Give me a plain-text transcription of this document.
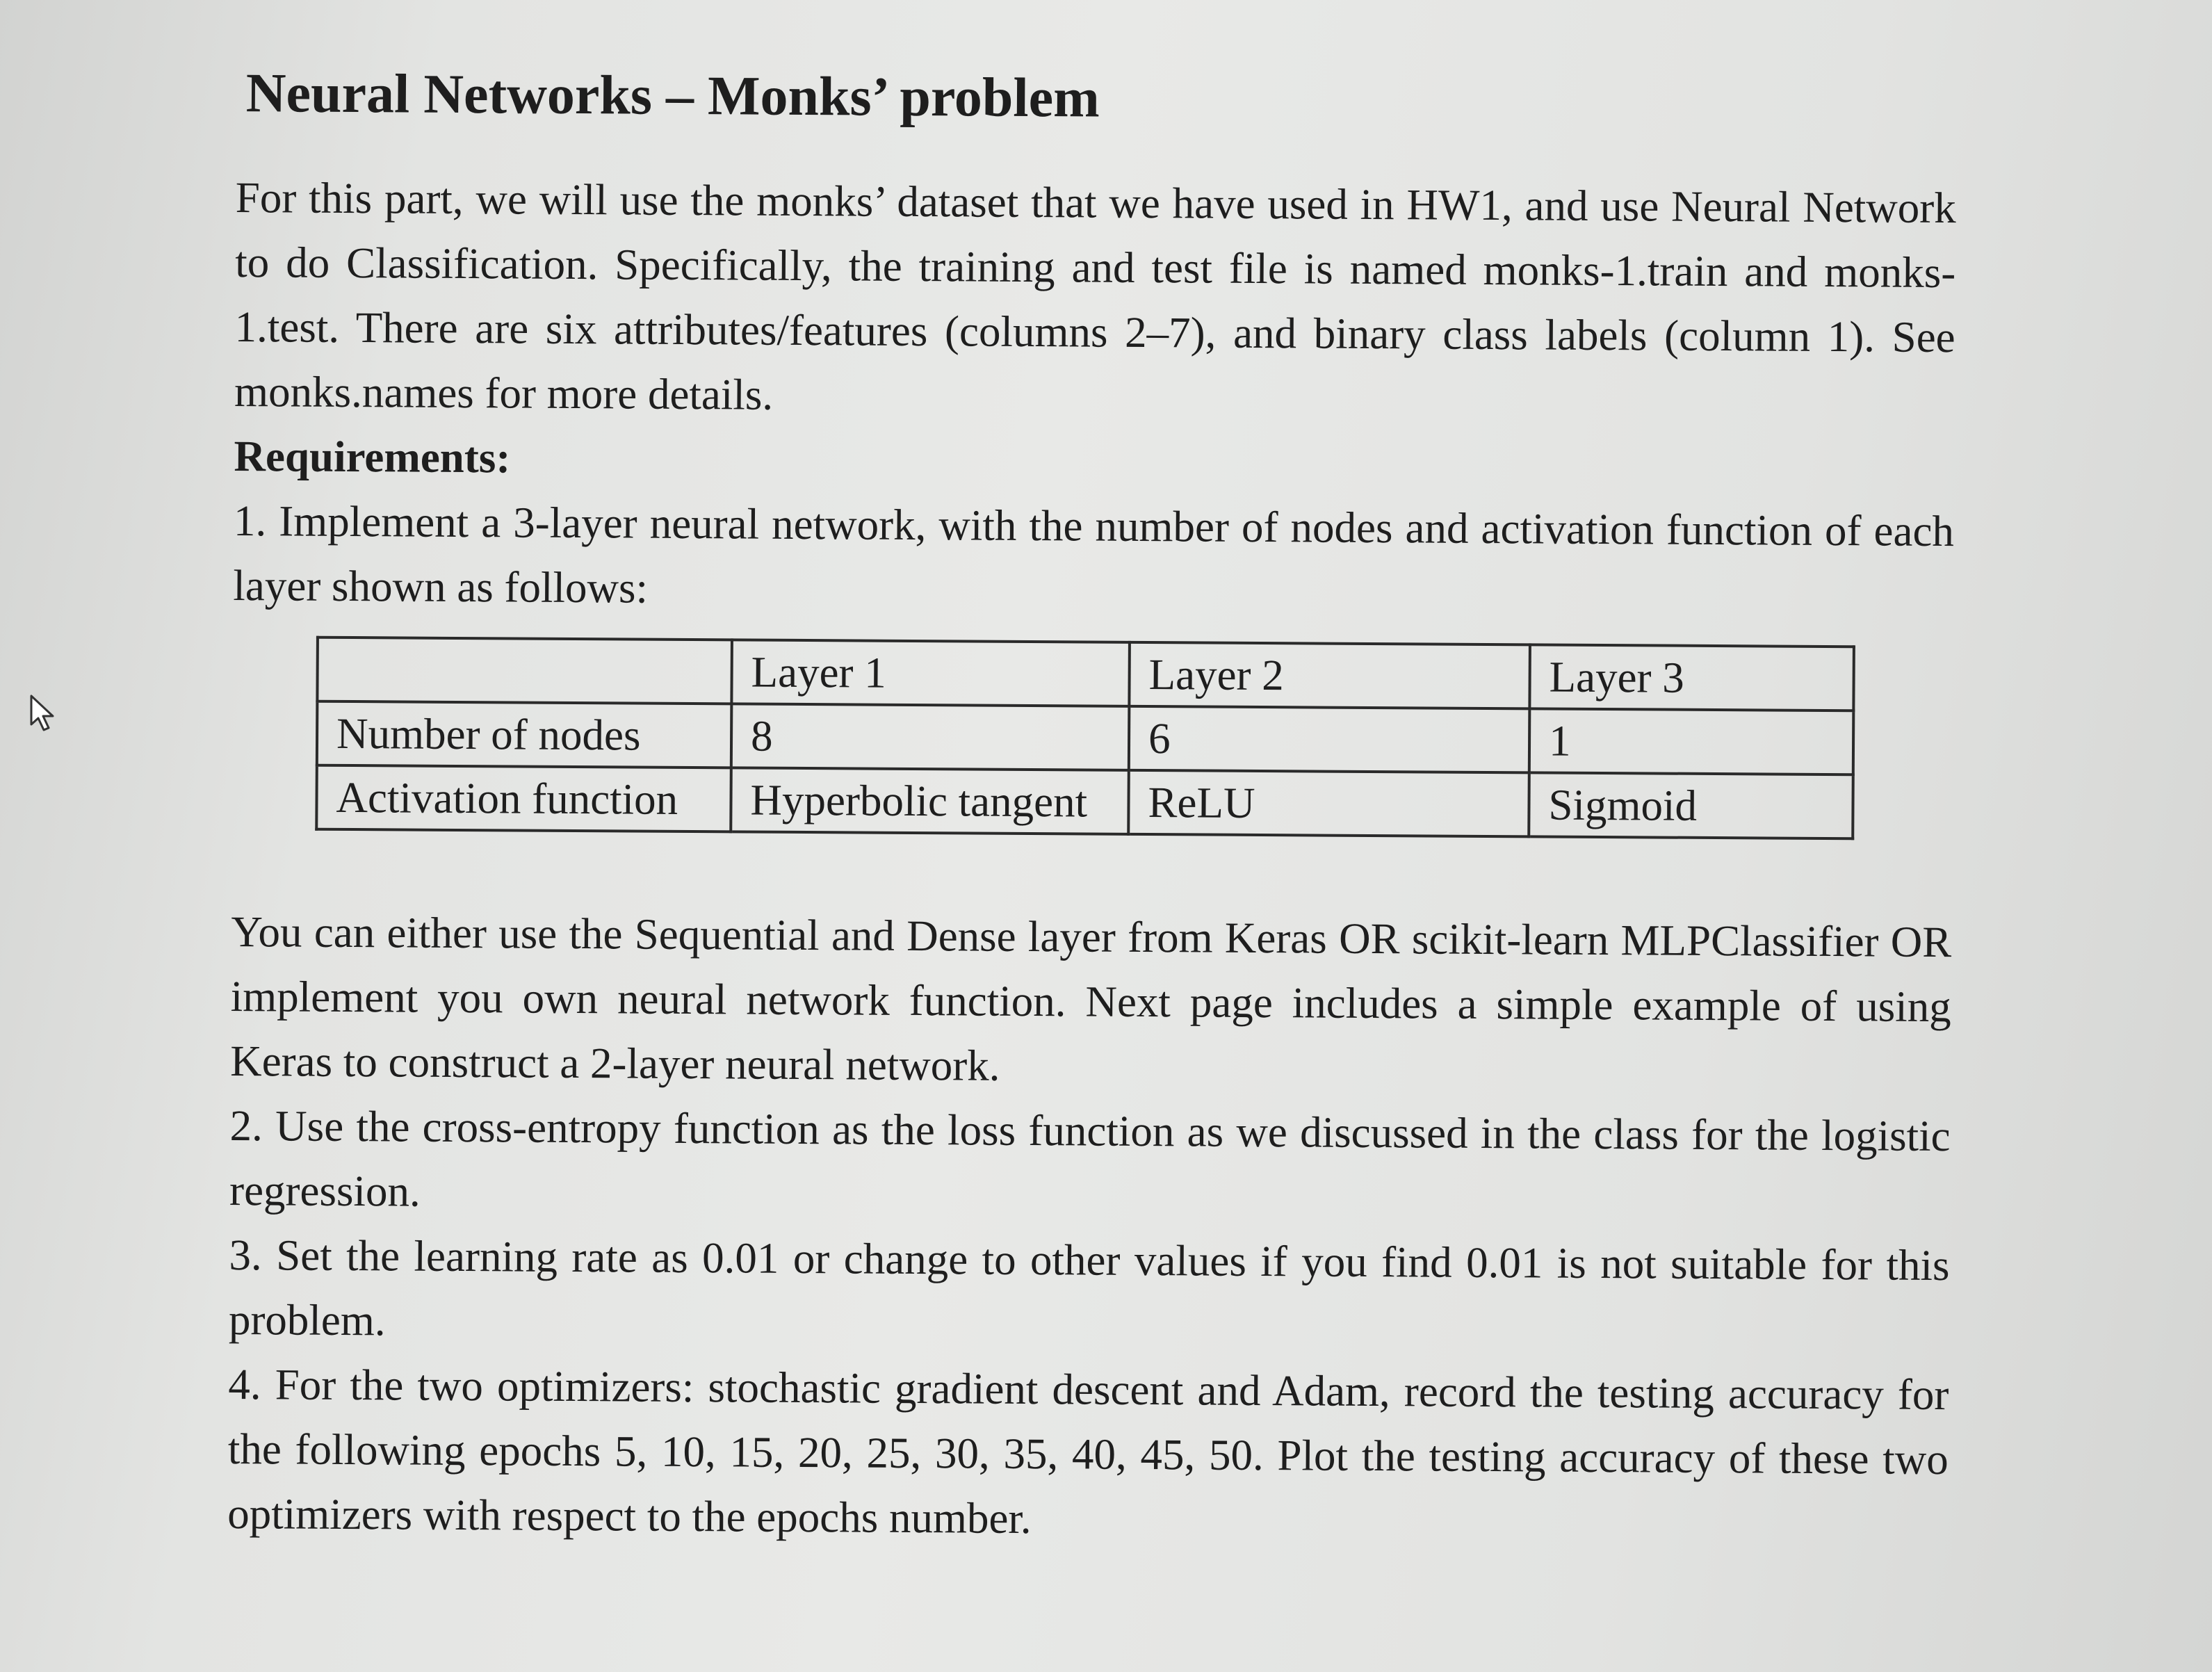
Neural Networks – Monks’ problem

For this part, we will use the monks’ dataset that we have used in HW1, and use Neural Network to do Classification. Specifically, the training and test file is named monks-1.train and monks-1.test. There are six attributes/features (columns 2–7), and binary class labels (column 1). See monks.names for more details.

Requirements:

1. Implement a 3-layer neural network, with the number of nodes and activation function of each layer shown as follows:

	Layer 1	Layer 2	Layer 3
Number of nodes	8	6	1
Activation function	Hyperbolic tangent	ReLU	Sigmoid

You can either use the Sequential and Dense layer from Keras OR scikit-learn MLPClassifier OR implement you own neural network function. Next page includes a simple example of using Keras to construct a 2-layer neural network.

2. Use the cross-entropy function as the loss function as we discussed in the class for the logistic regression.

3. Set the learning rate as 0.01 or change to other values if you find 0.01 is not suitable for this problem.

4. For the two optimizers: stochastic gradient descent and Adam, record the testing accuracy for the following epochs 5, 10, 15, 20, 25, 30, 35, 40, 45, 50. Plot the testing accuracy of these two optimizers with respect to the epochs number.
